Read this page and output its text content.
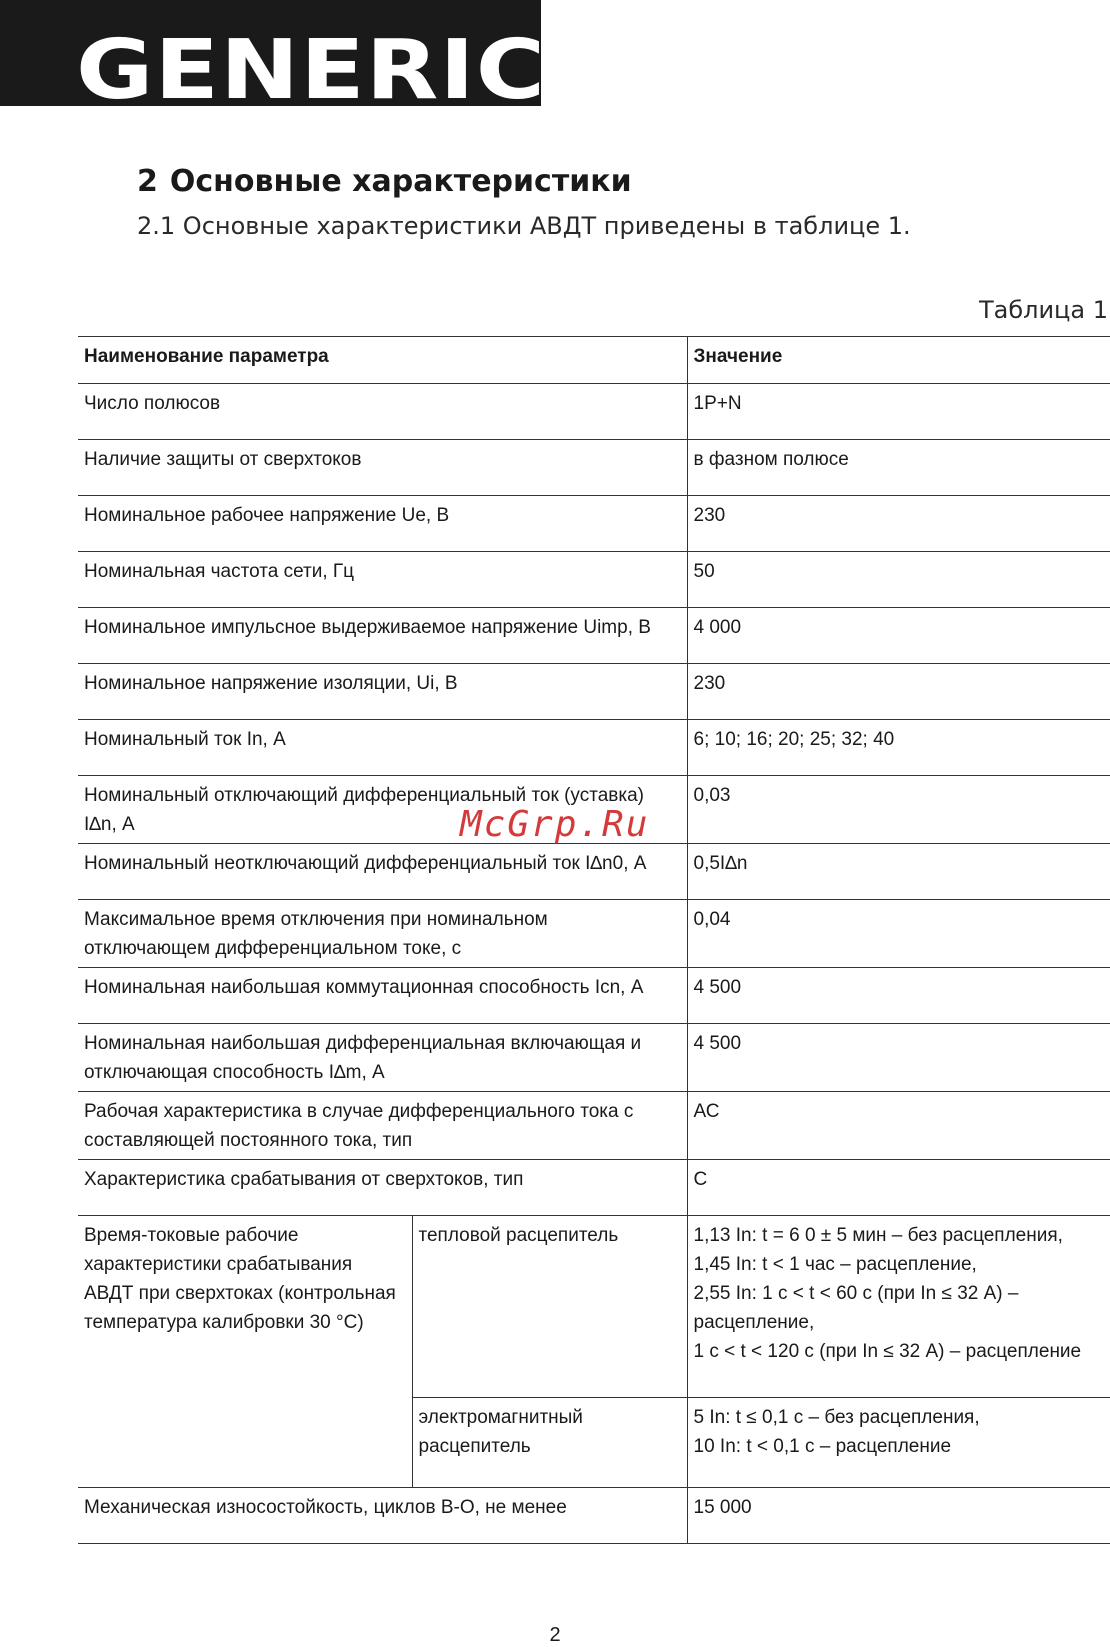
GENERICA
2 Основные характеристики
2.1 Основные характеристики АВДТ приведены в таблице 1.
Таблица 1
Наименование параметра		Значение
Число полюсов		1P+N
Наличие защиты от сверхтоков		в фазном полюсе
Номинальное рабочее напряжение Ue, В		230
Номинальная частота сети, Гц		50
Номинальное импульсное выдерживаемое напряжение Uimp, В		4 000
Номинальное напряжение изоляции, Ui, В		230
Номинальный ток In, А		6; 10; 16; 20; 25; 32; 40
Номинальный отключающий дифференциальный ток (уставка) I∆n, А		0,03
Номинальный неотключающий дифференциальный ток I∆n0, А		0,5I∆n
Максимальное время отключения при номинальном отключающем дифференциальном токе, с		0,04
Номинальная наибольшая коммутационная способность Icn, А		4 500
Номинальная наибольшая дифференциальная включающая и отключающая способность I∆m, А		4 500
Рабочая характеристика в случае дифференциального тока с составляющей постоянного тока, тип		АС
Характеристика срабатывания от сверхтоков, тип		С
Время-токовые рабочие характеристики срабатывания АВДТ при сверхтоках (контрольная температура калибровки 30 °С)	тепловой расцепитель	1,13 In: t = 6 0 ± 5 мин – без расцепления,
1,45 In: t < 1 час – расцепление,
2,55 In: 1 с < t < 60 с (при In ≤ 32 А) –
расцепление,
1 с < t < 120 с (при In ≤ 32 А) – расцепление

	электромагнитный расцепитель	5 In: t ≤ 0,1 с – без расцепления,
10 In: t < 0,1 с – расцепление

Механическая износостойкость, циклов В-О, не менее		15 000
McGrp.Ru
2
